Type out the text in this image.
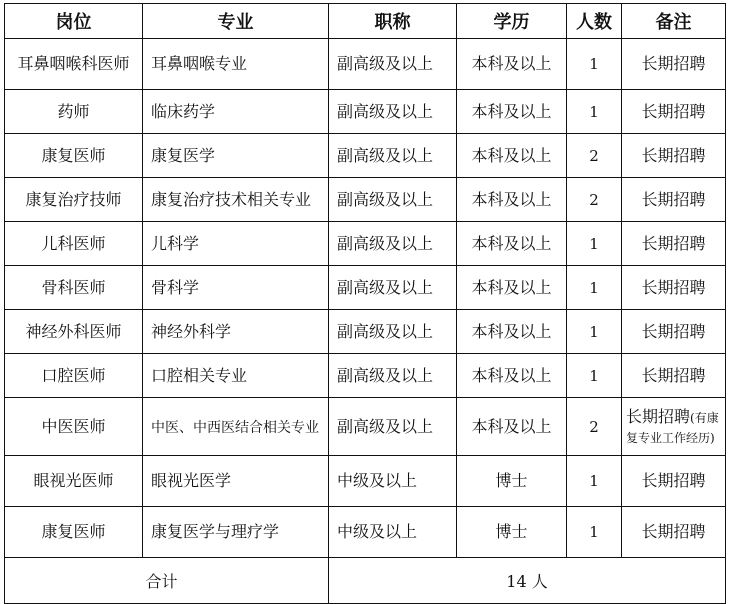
岗位	专业	职称	学历	人数	备注
耳鼻咽喉科医师	耳鼻咽喉专业	副高级及以上	本科及以上	1	长期招聘
药师	临床药学	副高级及以上	本科及以上	1	长期招聘
康复医师	康复医学	副高级及以上	本科及以上	2	长期招聘
康复治疗技师	康复治疗技术相关专业	副高级及以上	本科及以上	2	长期招聘
儿科医师	儿科学	副高级及以上	本科及以上	1	长期招聘
骨科医师	骨科学	副高级及以上	本科及以上	1	长期招聘
神经外科医师	神经外科学	副高级及以上	本科及以上	1	长期招聘
口腔医师	口腔相关专业	副高级及以上	本科及以上	1	长期招聘
中医医师	中医、中西医结合相关专业	副高级及以上	本科及以上	2	长期招聘(有康复专业工作经历)
眼视光医师	眼视光医学	中级及以上	博士	1	长期招聘
康复医师	康复医学与理疗学	中级及以上	博士	1	长期招聘
合计		14 人			
